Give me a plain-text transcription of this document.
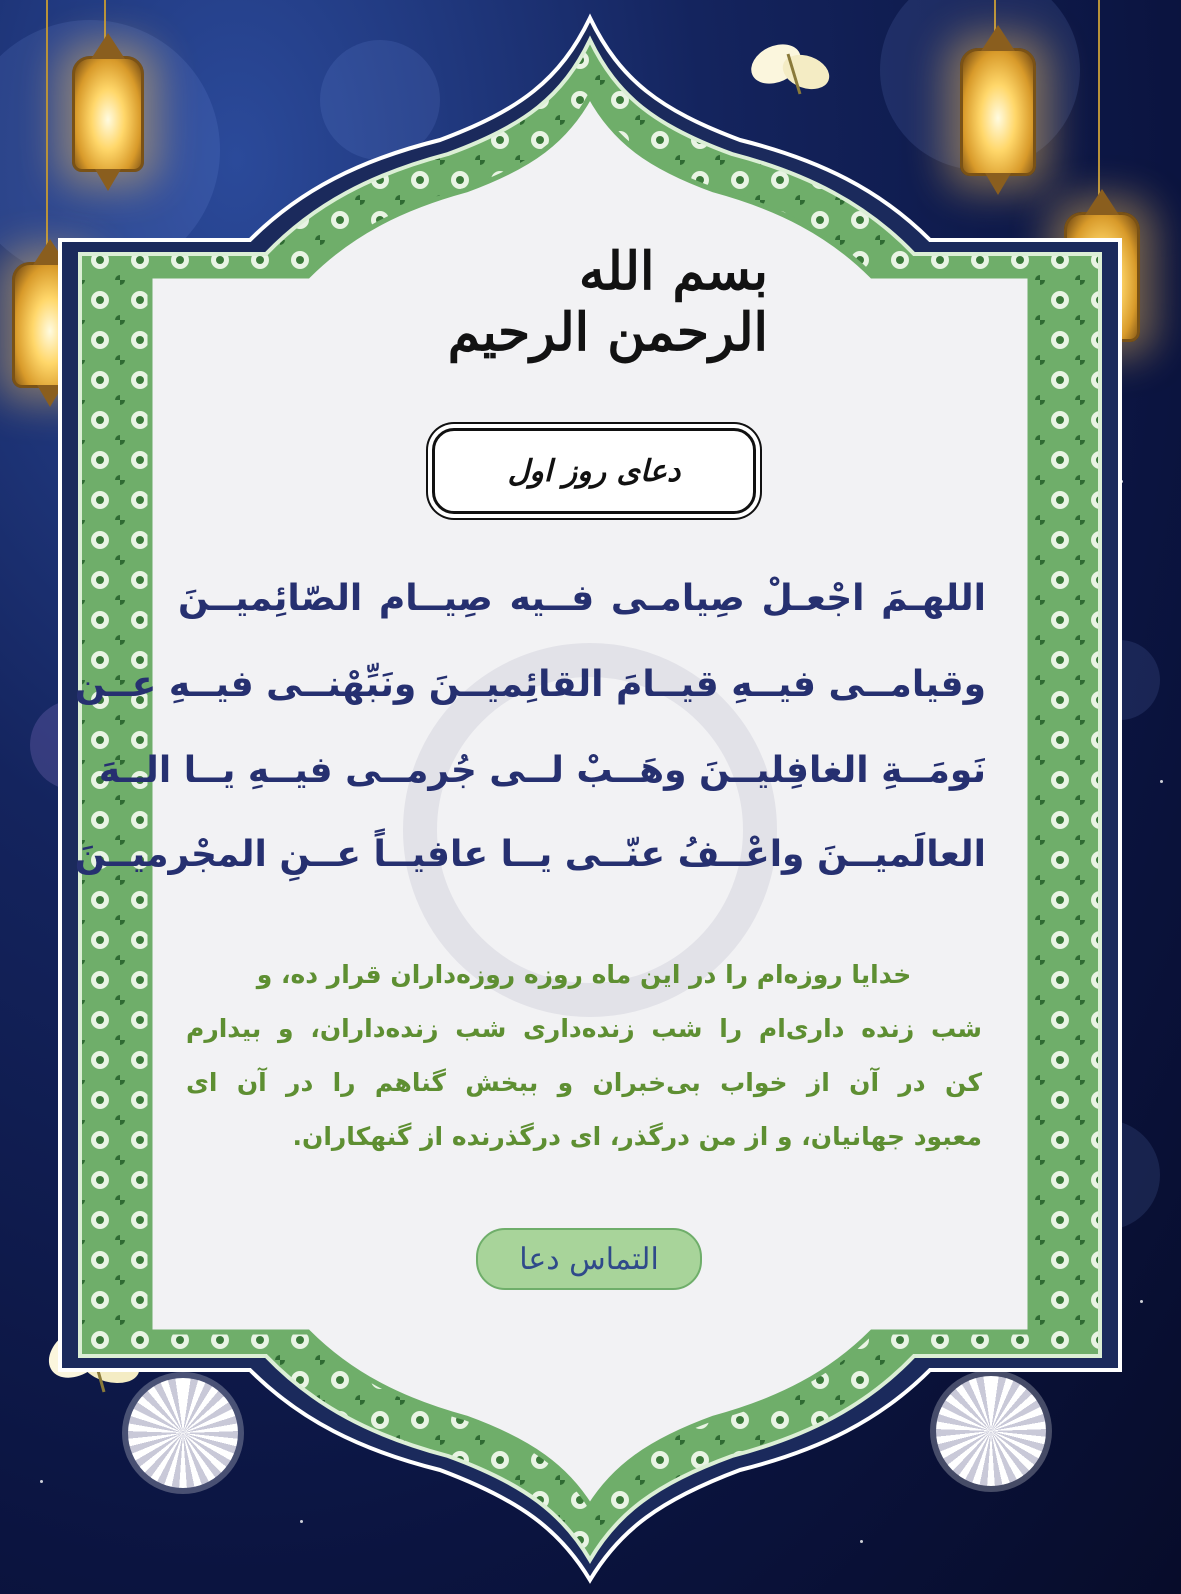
بسم الله الرحمن الرحیم
دعای روز اول
اللهـمَ اجْعـلْ صِيامـى فــيه صِيــام الصّائِميــنَ
وقيامــى فيــهِ قيــامَ القائِميــنَ ونَبِّهْنــى فيــهِ عــن
نَومَــةِ الغافِليــنَ وهَــبْ لــى جُرمــى فيــهِ يــا الــهَ
العالَميــنَ واعْــفُ عنّــى يــا عافيــاً عــنِ المجْرميــنَ
خدایا روزه‌ام را در این ماه روزه روزه‌داران قرار ده، و
شب زنده داری‌ام را شب زنده‌داری شب زنده‌داران، و بیدارم
کن در آن از خواب بی‌خبران و ببخش گناهم را در آن ای
معبود جهانیان، و از من درگذر، ای درگذرنده از گنهکاران.
التماس دعا
